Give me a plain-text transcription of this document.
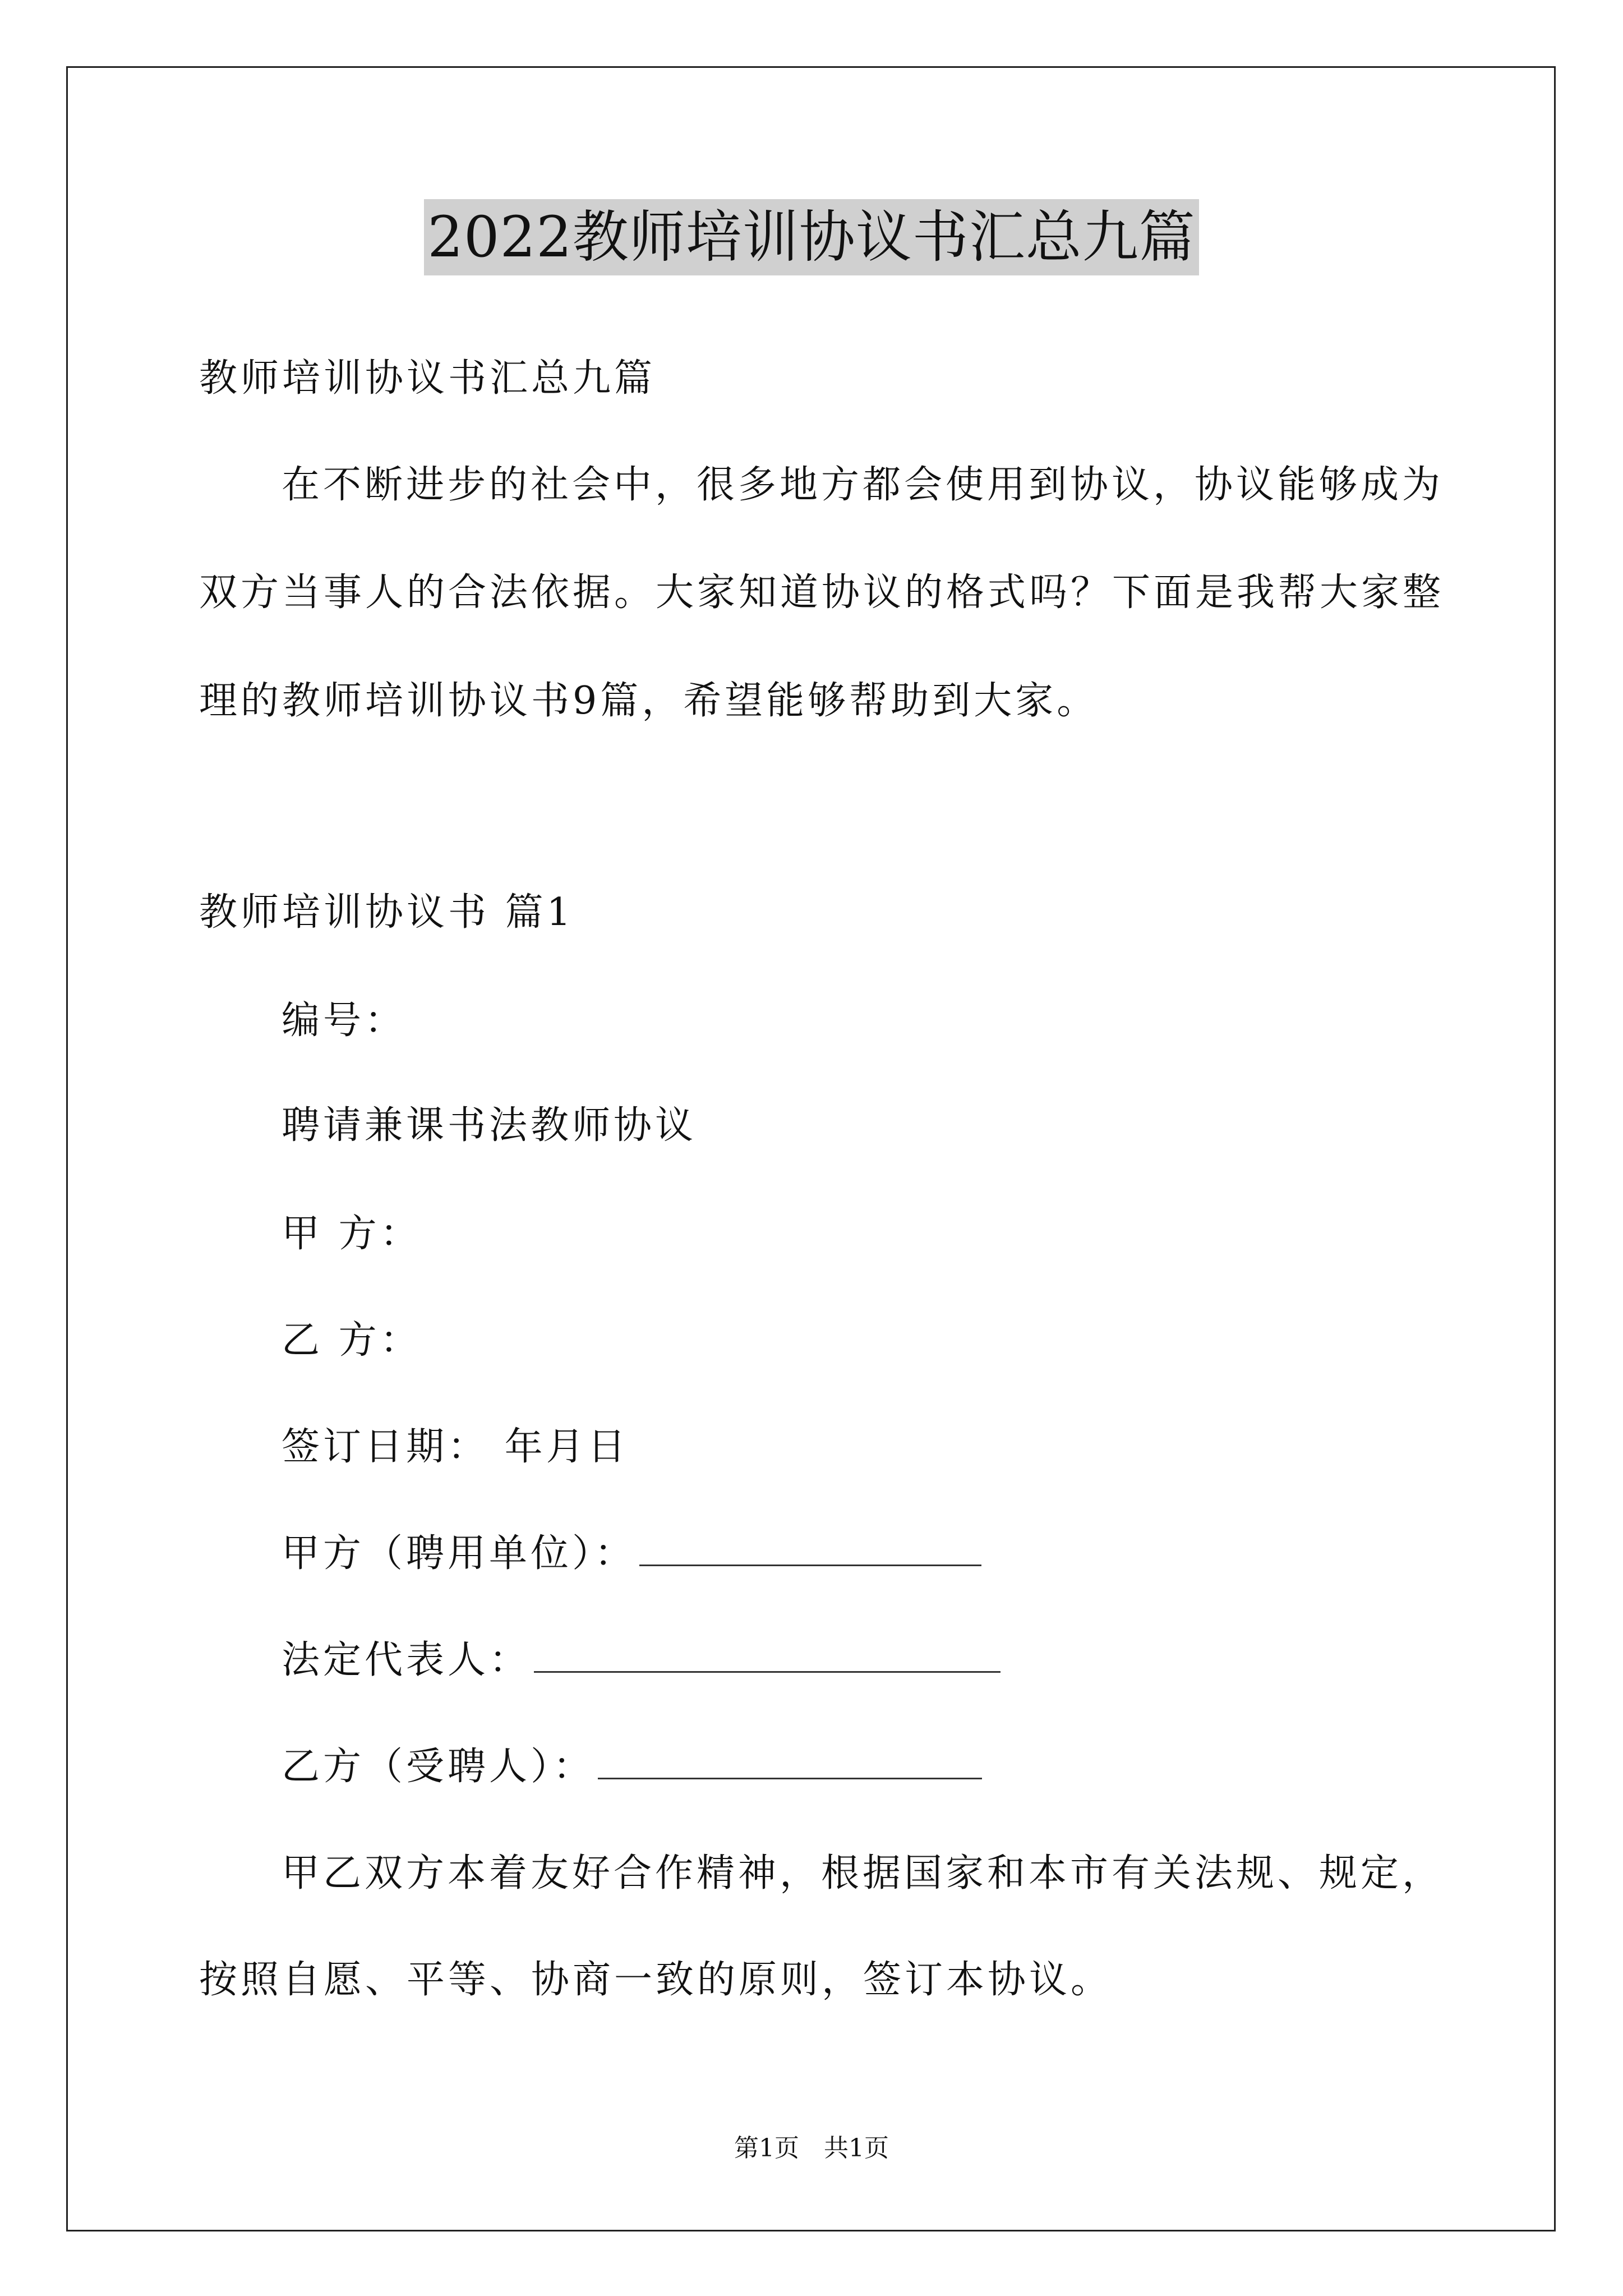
2022教师培训协议书汇总九篇
教师培训协议书汇总九篇
在不断进步的社会中，很多地方都会使用到协议，协议能够成为
双方当事人的合法依据。大家知道协议的格式吗？下面是我帮大家整
理的教师培训协议书9篇，希望能够帮助到大家。
教师培训协议书 篇1
编号：
聘请兼课书法教师协议
甲 方：
乙 方：
签订日期： 年月日
甲方（聘用单位）：
法定代表人：
乙方（受聘人）：
甲乙双方本着友好合作精神，根据国家和本市有关法规、规定，
按照自愿、平等、协商一致的原则，签订本协议。
第1页 共1页
